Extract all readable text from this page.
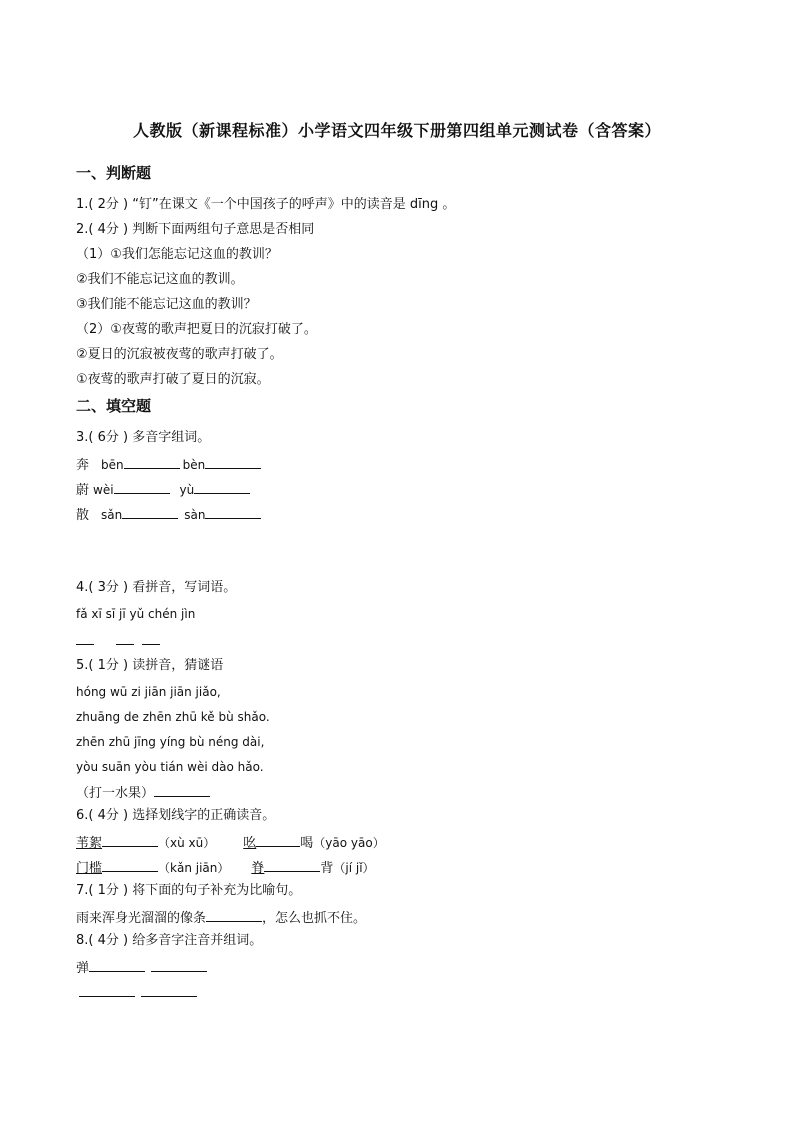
人教版（新课程标准）小学语文四年级下册第四组单元测试卷（含答案）
一、判断题
1.( 2分 ) “钉”在课文《一个中国孩子的呼声》中的读音是 dīng 。
2.( 4分 ) 判断下面两组句子意思是否相同
（1）①我们怎能忘记这血的教训？
②我们不能忘记这血的教训。
③我们能不能忘记这血的教训？
（2）①夜莺的歌声把夏日的沉寂打破了。
②夏日的沉寂被夜莺的歌声打破了。
①夜莺的歌声打破了夏日的沉寂。
二、填空题
3.( 6分 ) 多音字组词。
奔 bēn	bèn
蔚 wèi	yù
散 sǎn	sàn
4.( 3分 ) 看拼音，写词语。
fǎ xī sī jī yǔ chén jìn
5.( 1分 ) 读拼音，猜谜语
hóng wū zi jiān jiān jiǎo,
zhuāng de zhēn zhū kě bù shǎo.
zhēn zhū jīng yíng bù néng dài,
yòu suān yòu tián wèi dào hǎo.
（打一水果）
6.( 4分 ) 选择划线字的正确读音。
苇絮	（xù xū） 吆	喝（yāo yāo）
门槛	（kǎn jiān） 脊	背（jí jǐ）
7.( 1分 ) 将下面的句子补充为比喻句。
雨来浑身光溜溜的像条	，怎么也抓不住。
8.( 4分 ) 给多音字注音并组词。
弹
